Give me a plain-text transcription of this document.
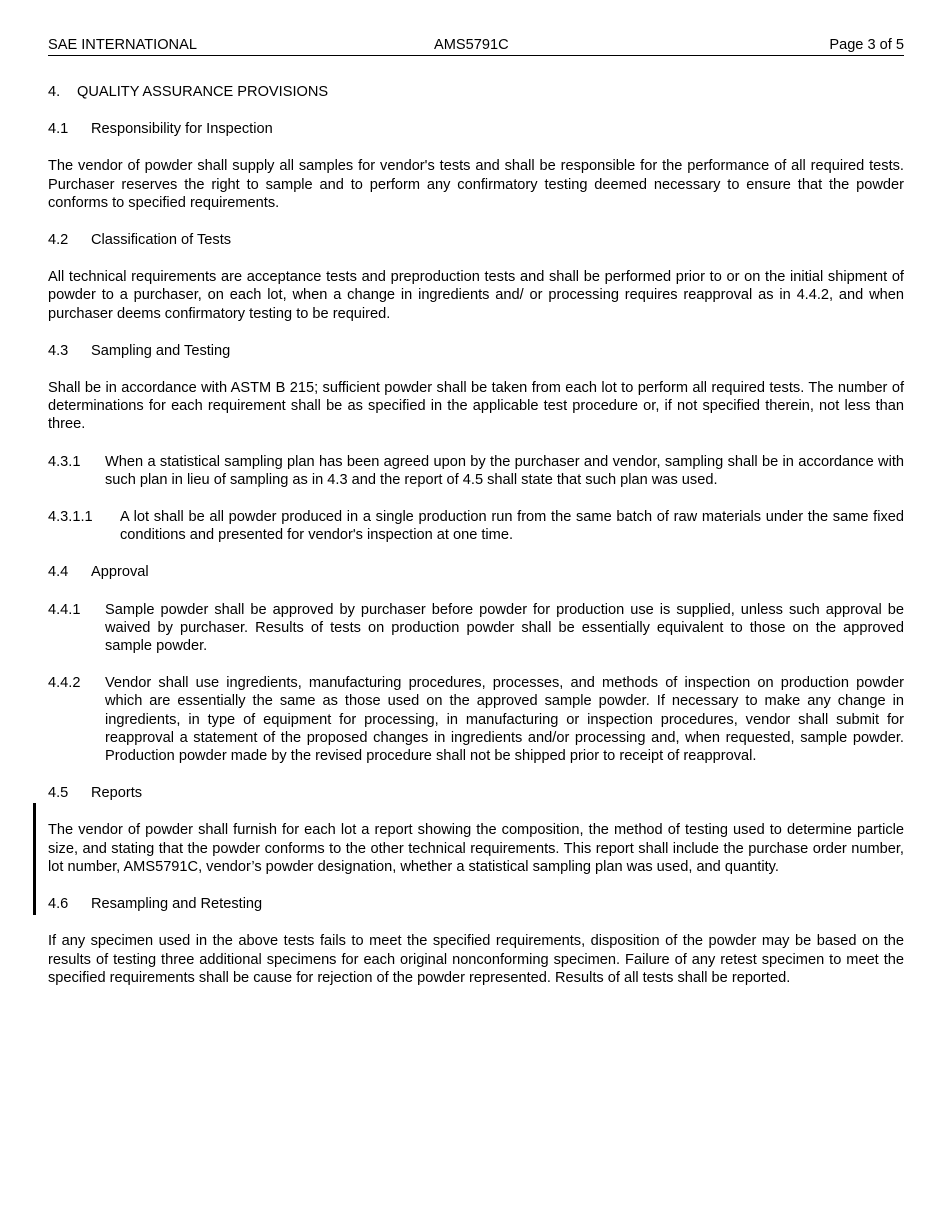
SAE INTERNATIONAL	AMS5791C	Page 3 of 5
4. QUALITY ASSURANCE PROVISIONS
4.1 Responsibility for Inspection

The vendor of powder shall supply all samples for vendor's tests and shall be responsible for the performance of all required tests. Purchaser reserves the right to sample and to perform any confirmatory testing deemed necessary to ensure that the powder conforms to specified requirements.

4.2 Classification of Tests

All technical requirements are acceptance tests and preproduction tests and shall be performed prior to or on the initial shipment of powder to a purchaser, on each lot, when a change in ingredients and/ or processing requires reapproval as in 4.4.2, and when purchaser deems confirmatory testing to be required.

4.3 Sampling and Testing

Shall be in accordance with ASTM B 215; sufficient powder shall be taken from each lot to perform all required tests. The number of determinations for each requirement shall be as specified in the applicable test procedure or, if not specified therein, not less than three.

4.3.1 When a statistical sampling plan has been agreed upon by the purchaser and vendor, sampling shall be in accordance with such plan in lieu of sampling as in 4.3 and the report of 4.5 shall state that such plan was used.
4.3.1.1 A lot shall be all powder produced in a single production run from the same batch of raw materials under the same fixed conditions and presented for vendor's inspection at one time.
4.4 Approval
4.4.1 Sample powder shall be approved by purchaser before powder for production use is supplied, unless such approval be waived by purchaser. Results of tests on production powder shall be essentially equivalent to those on the approved sample powder.
4.4.2 Vendor shall use ingredients, manufacturing procedures, processes, and methods of inspection on production powder which are essentially the same as those used on the approved sample powder. If necessary to make any change in ingredients, in type of equipment for processing, in manufacturing or inspection procedures, vendor shall submit for reapproval a statement of the proposed changes in ingredients and/or processing and, when requested, sample powder. Production powder made by the revised procedure shall not be shipped prior to receipt of reapproval.
4.5 Reports

The vendor of powder shall furnish for each lot a report showing the composition, the method of testing used to determine particle size, and stating that the powder conforms to the other technical requirements. This report shall include the purchase order number, lot number, AMS5791C, vendor’s powder designation, whether a statistical sampling plan was used, and quantity.

4.6 Resampling and Retesting

If any specimen used in the above tests fails to meet the specified requirements, disposition of the powder may be based on the results of testing three additional specimens for each original nonconforming specimen. Failure of any retest specimen to meet the specified requirements shall be cause for rejection of the powder represented. Results of all tests shall be reported.
